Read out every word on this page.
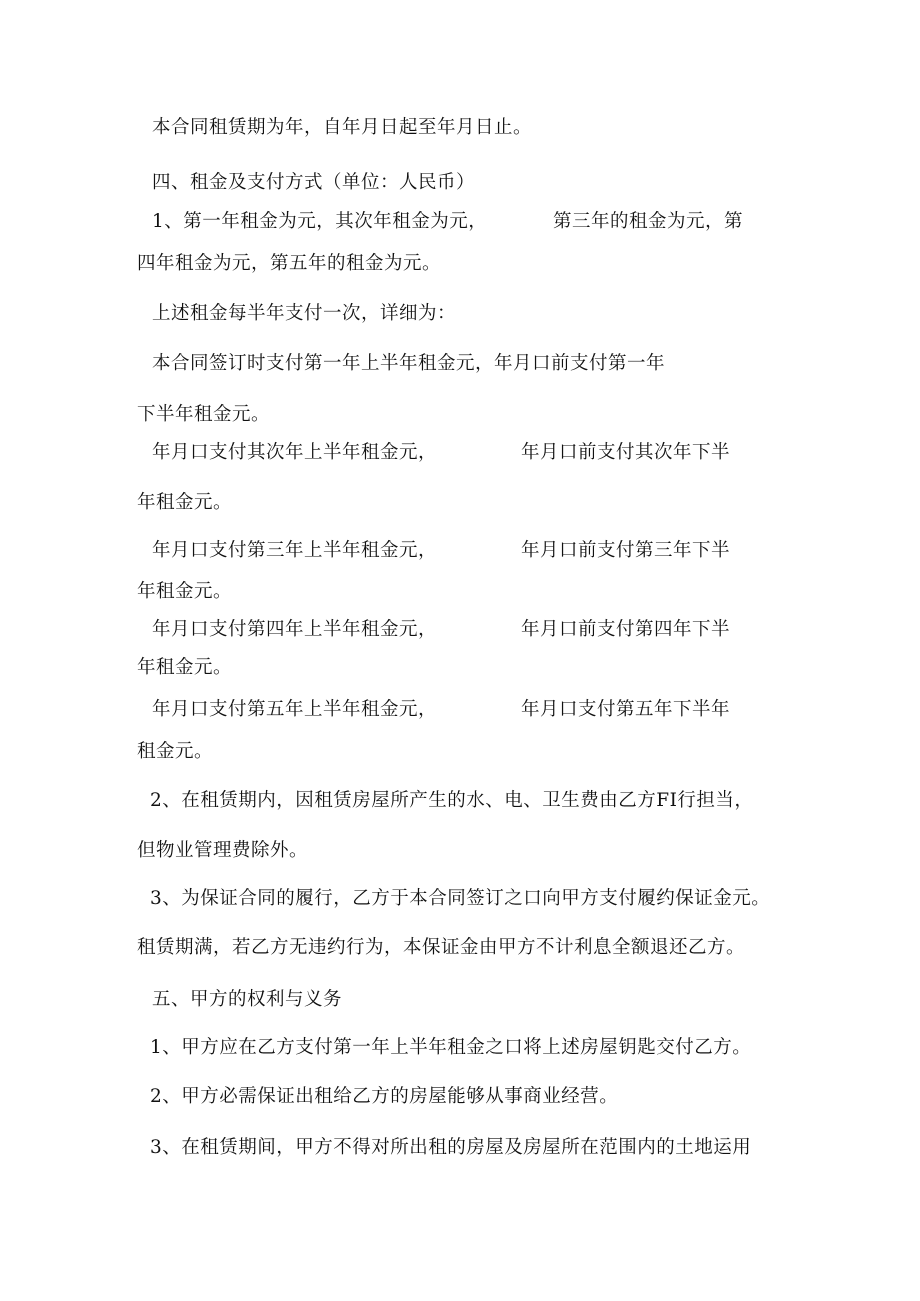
本合同租赁期为年，自年月日起至年月日止。
四、租金及支付方式（单位：人民币）
1、第一年租金为元，其次年租金为元，	第三年的租金为元，第
四年租金为元，第五年的租金为元。
上述租金每半年支付一次，详细为：
本合同签订时支付第一年上半年租金元，年月口前支付第一年
下半年租金元。
年月口支付其次年上半年租金元，	年月口前支付其次年下半
年租金元。
年月口支付第三年上半年租金元，	年月口前支付第三年下半
年租金元。
年月口支付第四年上半年租金元，	年月口前支付第四年下半
年租金元。
年月口支付第五年上半年租金元，	年月口支付第五年下半年
租金元。
2、在租赁期内，因租赁房屋所产生的水、电、卫生费由乙方FI行担当，
但物业管理费除外。
3、为保证合同的履行，乙方于本合同签订之口向甲方支付履约保证金元。
租赁期满，若乙方无违约行为，本保证金由甲方不计利息全额退还乙方。
五、甲方的权利与义务
1、甲方应在乙方支付第一年上半年租金之口将上述房屋钥匙交付乙方。
2、甲方必需保证出租给乙方的房屋能够从事商业经营。
3、在租赁期间，甲方不得对所出租的房屋及房屋所在范围内的土地运用
